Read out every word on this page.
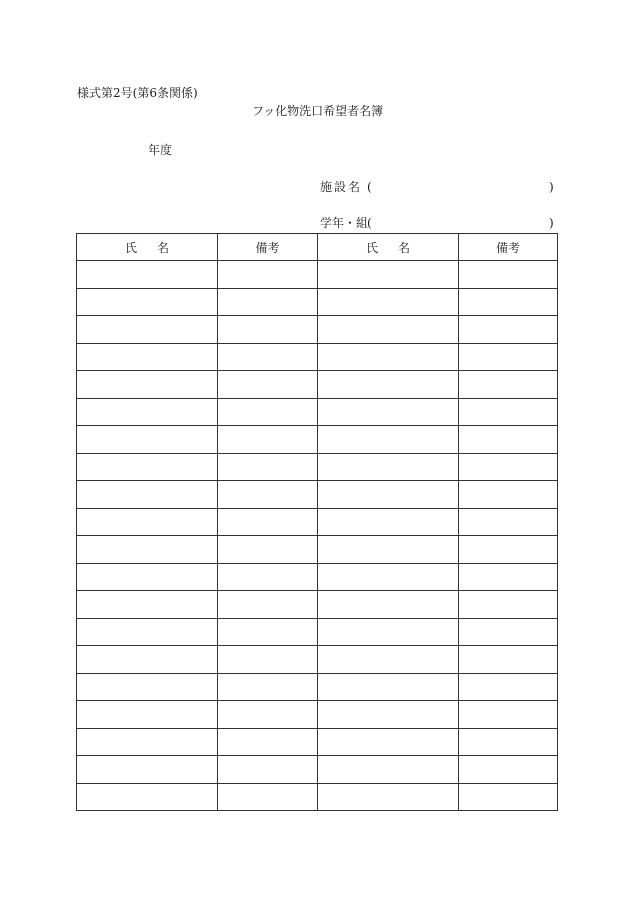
様式第2号(第6条関係)
フッ化物洗口希望者名簿
年度
施設名 (	)
学年・組
(	)
氏名	備考	氏名	備考
